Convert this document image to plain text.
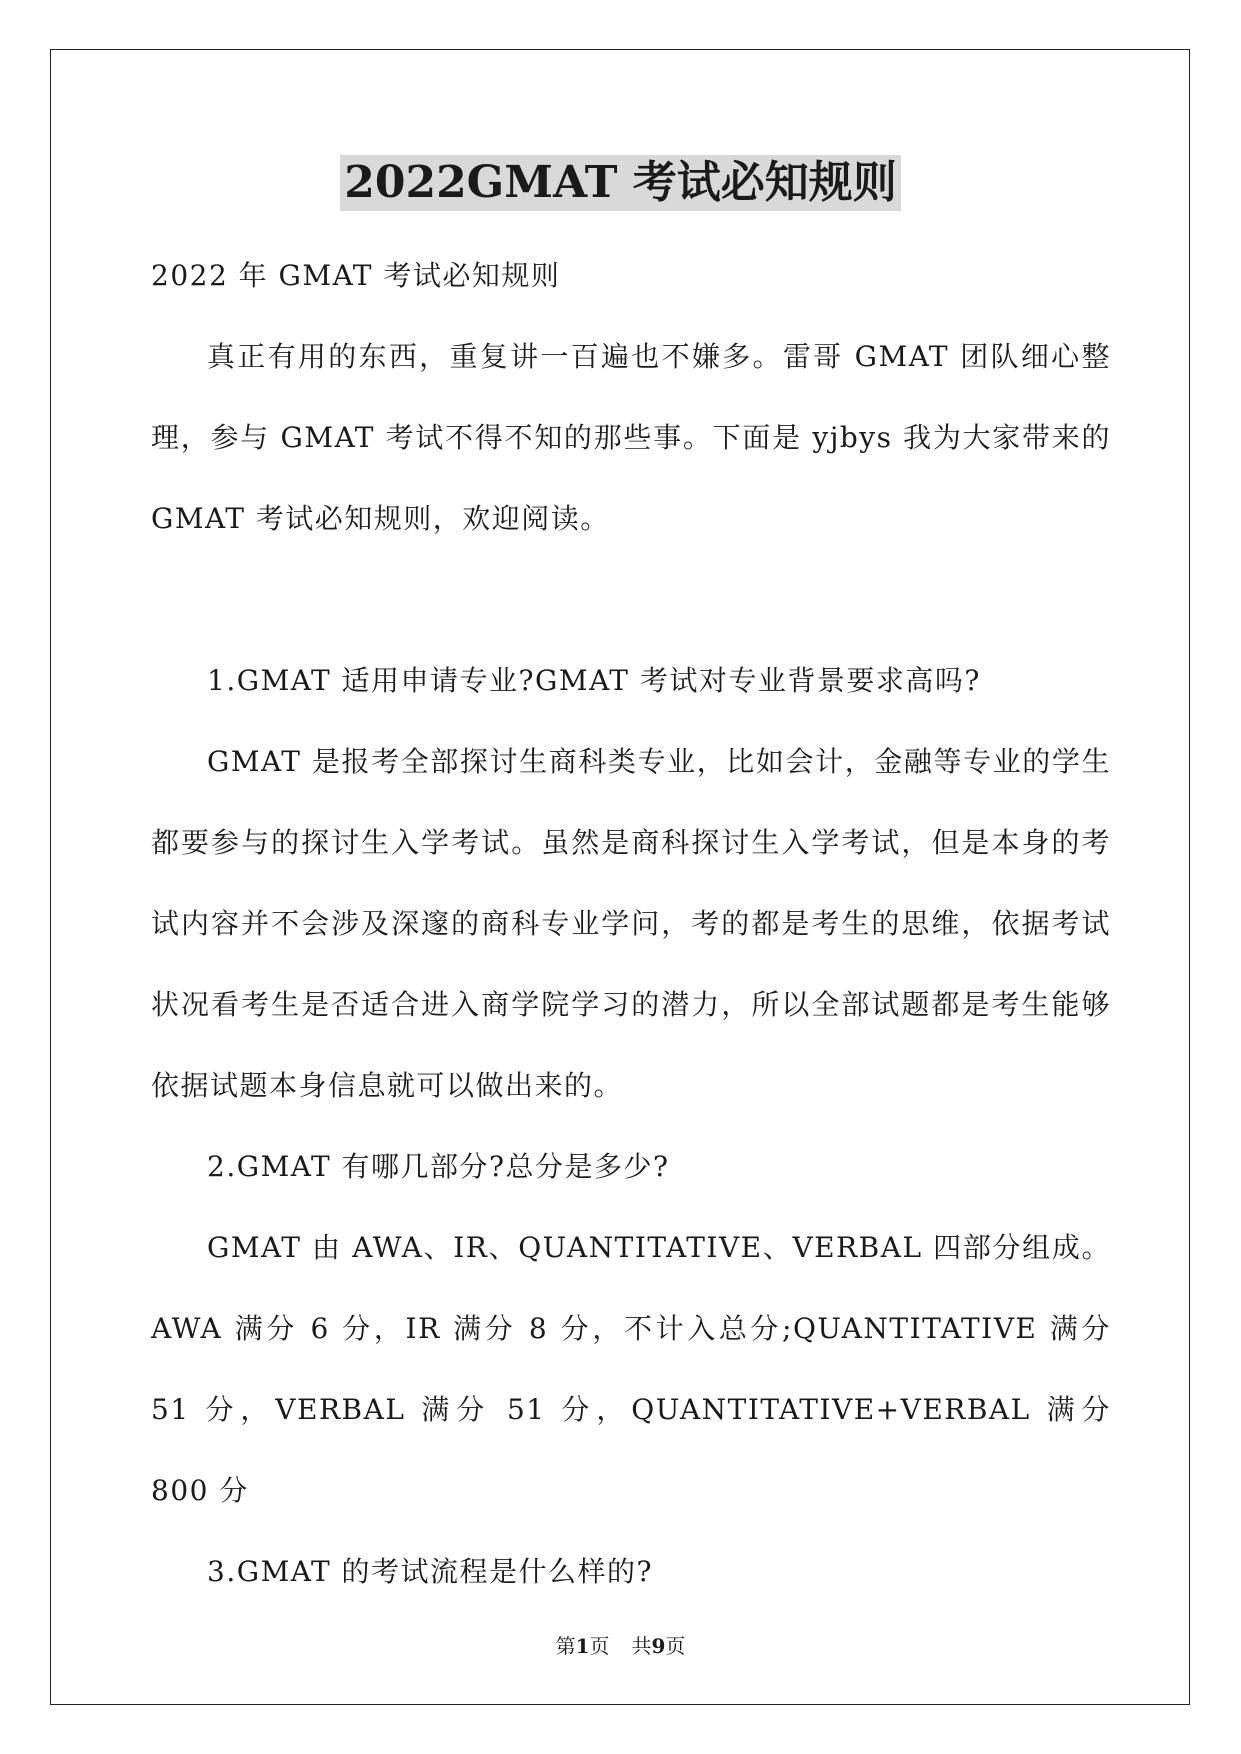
2022GMAT 考试必知规则

2022 年 GMAT 考试必知规则

真正有用的东西，重复讲一百遍也不嫌多。雷哥 GMAT 团队细心整理，参与 GMAT 考试不得不知的那些事。下面是 yjbys 我为大家带来的 GMAT 考试必知规则，欢迎阅读。

1.GMAT 适用申请专业?GMAT 考试对专业背景要求高吗?

GMAT 是报考全部探讨生商科类专业，比如会计，金融等专业的学生都要参与的探讨生入学考试。虽然是商科探讨生入学考试，但是本身的考试内容并不会涉及深邃的商科专业学问，考的都是考生的思维，依据考试状况看考生是否适合进入商学院学习的潜力，所以全部试题都是考生能够依据试题本身信息就可以做出来的。

2.GMAT 有哪几部分?总分是多少?

GMAT 由 AWA、IR、QUANTITATIVE、VERBAL 四部分组成。AWA 满分 6 分，IR 满分 8 分，不计入总分;QUANTITATIVE 满分 51 分，VERBAL 满分 51 分，QUANTITATIVE+VERBAL 满分 800 分

3.GMAT 的考试流程是什么样的?

第1页 共9页
